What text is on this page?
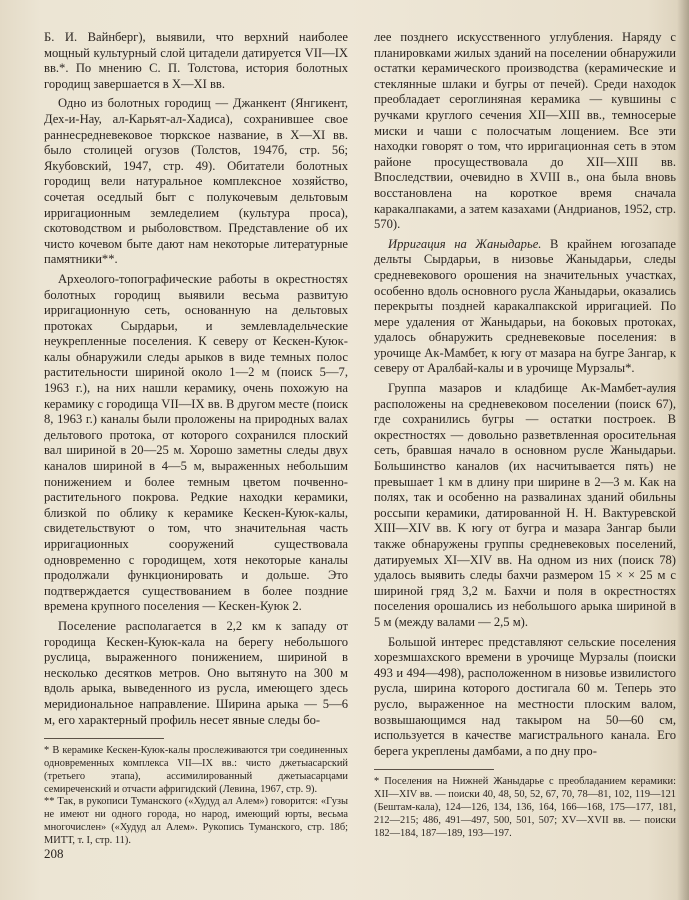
Б. И. Вайнберг), выявили, что верхний наиболее мощный культурный слой цитадели датируется VII—IX вв.*. По мнению С. П. Толстова, история болотных городищ завершается в X—XI вв.

Одно из болотных городищ — Джанкент (Янгикент, Дех-и-Нау, ал-Карьят-ал-Хадиса), сохранившее свое раннесредневековое тюркское название, в X—XI вв. было столицей огузов (Толстов, 1947б, стр. 56; Якубовский, 1947, стр. 49). Обитатели болотных городищ вели натуральное комплексное хозяйство, сочетая оседлый быт с полукочевым дельтовым ирригационным земледелием (культура проса), скотоводством и рыболовством. Представление об их чисто кочевом быте дают нам некоторые литературные памятники**.

Археолого-топографические работы в окрестностях болотных городищ выявили весьма развитую ирригационную сеть, основанную на дельтовых протоках Сырдарьи, и землевладельческие неукрепленные поселения. К северу от Кескен-Куюк-калы обнаружили следы арыков в виде темных полос растительности шириной около 1—2 м (поиск 5—7, 1963 г.), на них нашли керамику, очень похожую на керамику с городища VII—IX вв. В другом месте (поиск 8, 1963 г.) каналы были проложены на природных валах дельтового протока, от которого сохранился плоский вал шириной в 20—25 м. Хорошо заметны следы двух каналов шириной в 4—5 м, выраженных небольшим понижением и более темным цветом почвенно-растительного покрова. Редкие находки керамики, близкой по облику к керамике Кескен-Куюк-калы, свидетельствуют о том, что значительная часть ирригационных сооружений существовала одновременно с городищем, хотя некоторые каналы продолжали функционировать и дольше. Это подтверждается существованием в более поздние времена крупного поселения — Кескен-Куюк 2.

Поселение располагается в 2,2 км к западу от городища Кескен-Куюк-кала на берегу небольшого руслица, выраженного понижением, шириной в несколько десятков метров. Оно вытянуто на 300 м вдоль арыка, выведенного из русла, имеющего здесь меридиональное направление. Ширина арыка — 5—6 м, его характерный профиль несет явные следы бо-

* В керамике Кескен-Куюк-калы прослеживаются три соединенных одновременных комплекса VII—IX вв.: чисто джетыасарский (третьего этапа), ассимилированный джетыасарцами семиреченский и отчасти афригидский (Левина, 1967, стр. 9).

** Так, в рукописи Туманского («Худуд ал Алем») говорится: «Гузы не имеют ни одного города, но народ, имеющий юрты, весьма многочислен» («Худуд ал Алем». Рукопись Туманского, стр. 18б; МИТТ, т. I, стр. 11).

лее позднего искусственного углубления. Наряду с планировками жилых зданий на поселении обнаружили остатки керамического производства (керамические и стеклянные шлаки и бугры от печей). Среди находок преобладает сероглиняная керамика — кувшины с ручками круглого сечения XII—XIII вв., темносерые миски и чаши с полосчатым лощением. Все эти находки говорят о том, что ирригационная сеть в этом районе просуществовала до XII—XIII вв. Впоследствии, очевидно в XVIII в., она была вновь восстановлена на короткое время сначала каракалпаками, а затем казахами (Андрианов, 1952, стр. 570).

Ирригация на Жаныдарье. В крайнем югозападе дельты Сырдарьи, в низовье Жаныдарьи, следы средневекового орошения на значительных участках, особенно вдоль основного русла Жаныдарьи, оказались перекрыты поздней каракалпакской ирригацией. По мере удаления от Жаныдарьи, на боковых протоках, удалось обнаружить средневековые поселения: в урочище Ак-Мамбет, к югу от мазара на бугре Зангар, к северу от Аралбай-калы и в урочище Мурзалы*.

Группа мазаров и кладбище Ак-Мамбет-аулия расположены на средневековом поселении (поиск 67), где сохранились бугры — остатки построек. В окрестностях — довольно разветвленная оросительная сеть, бравшая начало в основном русле Жаныдарьи. Большинство каналов (их насчитывается пять) не превышает 1 км в длину при ширине в 2—3 м. Как на полях, так и особенно на развалинах зданий обильны россыпи керамики, датированной Н. Н. Вактуревской XIII—XIV вв. К югу от бугра и мазара Зангар были также обнаружены группы средневековых поселений, датируемых XI—XIV вв. На одном из них (поиск 78) удалось выявить следы бахчи размером 15 × × 25 м с шириной гряд 3,2 м. Бахчи и поля в окрестностях поселения орошались из небольшого арыка шириной в 5 м (между валами — 2,5 м).

Большой интерес представляют сельские поселения хорезмшахского времени в урочище Мурзалы (поиски 493 и 494—498), расположенном в низовье извилистого русла, ширина которого достигала 60 м. Теперь это русло, выраженное на местности плоским валом, возвышающимся над такыром на 50—60 см, используется в качестве магистрального канала. Его берега укреплены дамбами, а по дну про-

* Поселения на Нижней Жаныдарье с преобладанием керамики: XII—XIV вв. — поиски 40, 48, 50, 52, 67, 70, 78—81, 102, 119—121 (Бештам-кала), 124—126, 134, 136, 164, 166—168, 175—177, 181, 212—215; 486, 491—497, 500, 501, 507; XV—XVII вв. — поиски 182—184, 187—189, 193—197.

208
